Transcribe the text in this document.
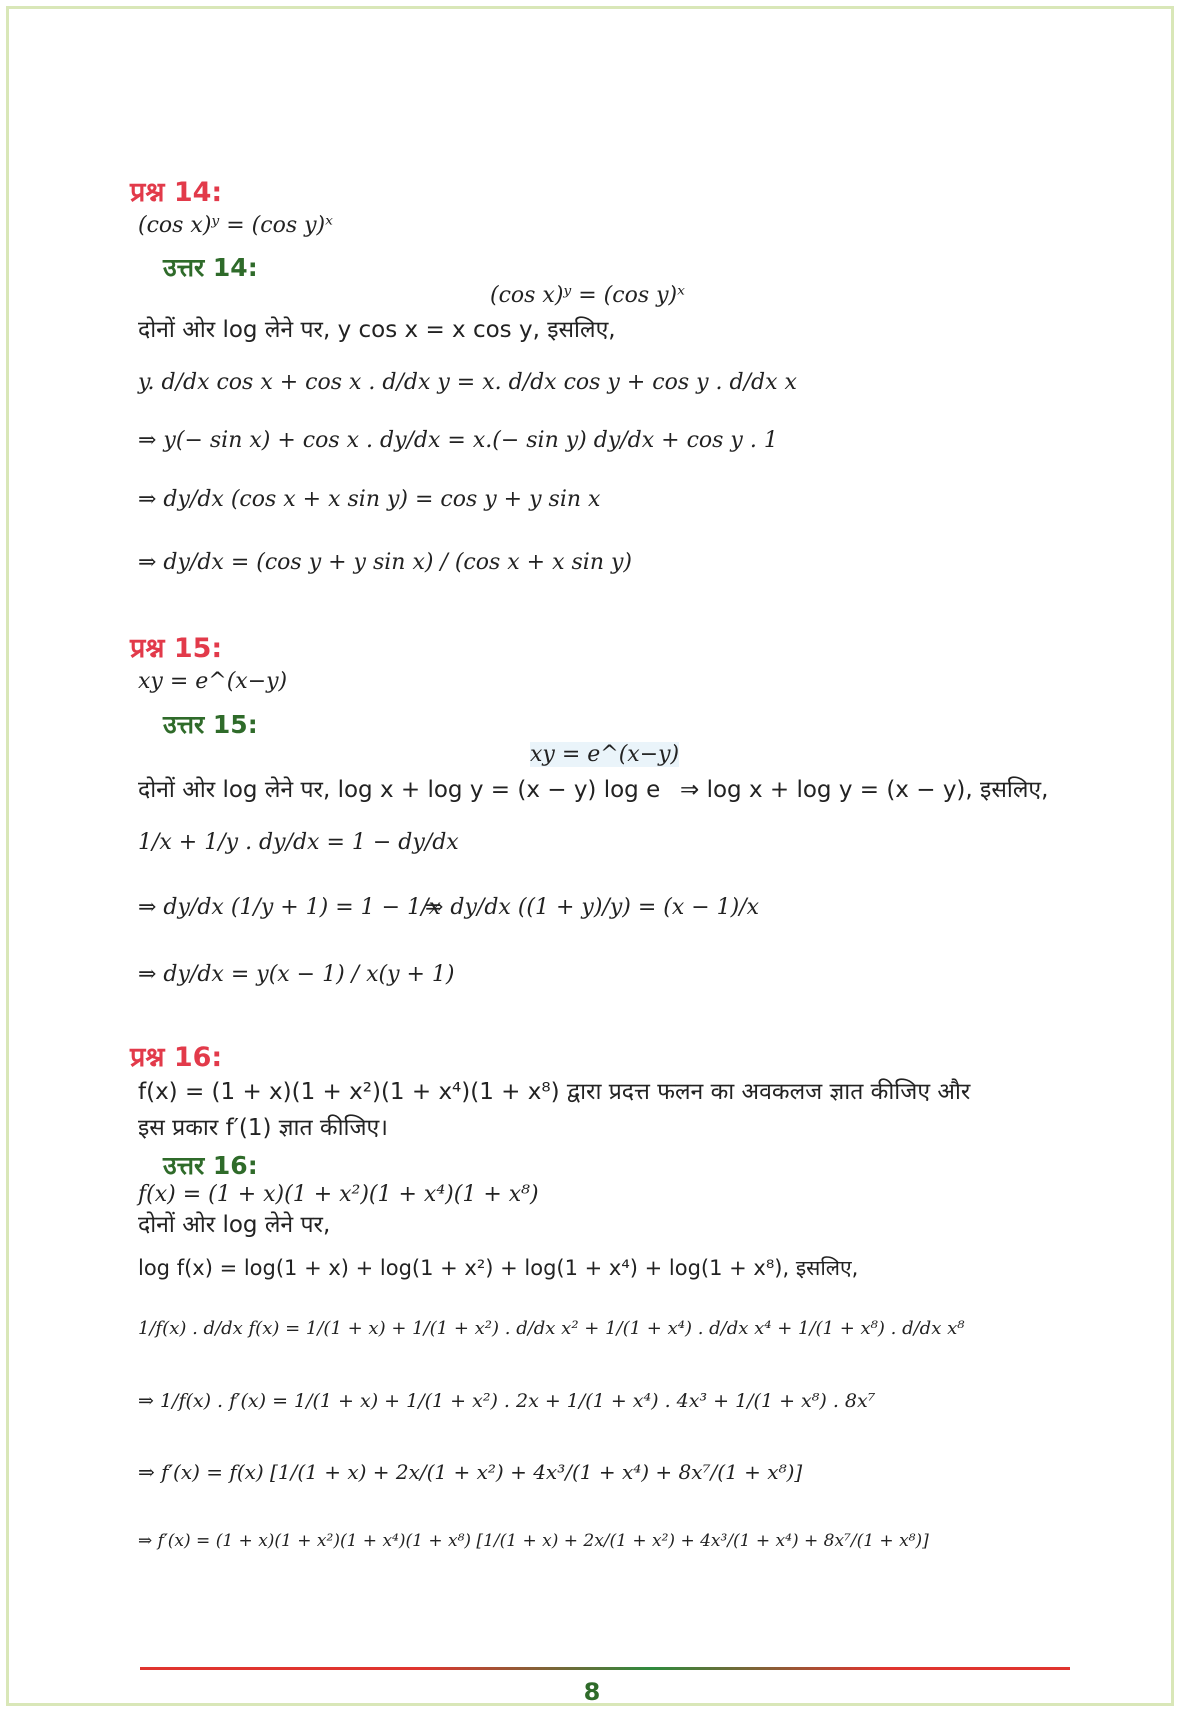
प्रश्न 14:
(cos x)ʸ = (cos y)ˣ
उत्तर 14:
(cos x)ʸ = (cos y)ˣ
दोनों ओर log लेने पर, y cos x = x cos y, इसलिए,
y. d/dx cos x + cos x . d/dx y = x. d/dx cos y + cos y . d/dx x
⇒ y(− sin x) + cos x . dy/dx = x.(− sin y) dy/dx + cos y . 1
⇒ dy/dx (cos x + x sin y) = cos y + y sin x
⇒ dy/dx = (cos y + y sin x) / (cos x + x sin y)
प्रश्न 15:
xy = e^(x−y)
उत्तर 15:
xy = e^(x−y)
दोनों ओर log लेने पर, log x + log y = (x − y) log e ⇒ log x + log y = (x − y), इसलिए,
1/x + 1/y . dy/dx = 1 − dy/dx
⇒ dy/dx (1/y + 1) = 1 − 1/x
⇒ dy/dx ((1 + y)/y) = (x − 1)/x
⇒ dy/dx = y(x − 1) / x(y + 1)
प्रश्न 16:
f(x) = (1 + x)(1 + x²)(1 + x⁴)(1 + x⁸) द्वारा प्रदत्त फलन का अवकलज ज्ञात कीजिए और
इस प्रकार f′(1) ज्ञात कीजिए।
उत्तर 16:
f(x) = (1 + x)(1 + x²)(1 + x⁴)(1 + x⁸)
दोनों ओर log लेने पर,
log f(x) = log(1 + x) + log(1 + x²) + log(1 + x⁴) + log(1 + x⁸), इसलिए,
1/f(x) . d/dx f(x) = 1/(1 + x) + 1/(1 + x²) . d/dx x² + 1/(1 + x⁴) . d/dx x⁴ + 1/(1 + x⁸) . d/dx x⁸
⇒ 1/f(x) . f′(x) = 1/(1 + x) + 1/(1 + x²) . 2x + 1/(1 + x⁴) . 4x³ + 1/(1 + x⁸) . 8x⁷
⇒ f′(x) = f(x) [1/(1 + x) + 2x/(1 + x²) + 4x³/(1 + x⁴) + 8x⁷/(1 + x⁸)]
⇒ f′(x) = (1 + x)(1 + x²)(1 + x⁴)(1 + x⁸) [1/(1 + x) + 2x/(1 + x²) + 4x³/(1 + x⁴) + 8x⁷/(1 + x⁸)]
8
